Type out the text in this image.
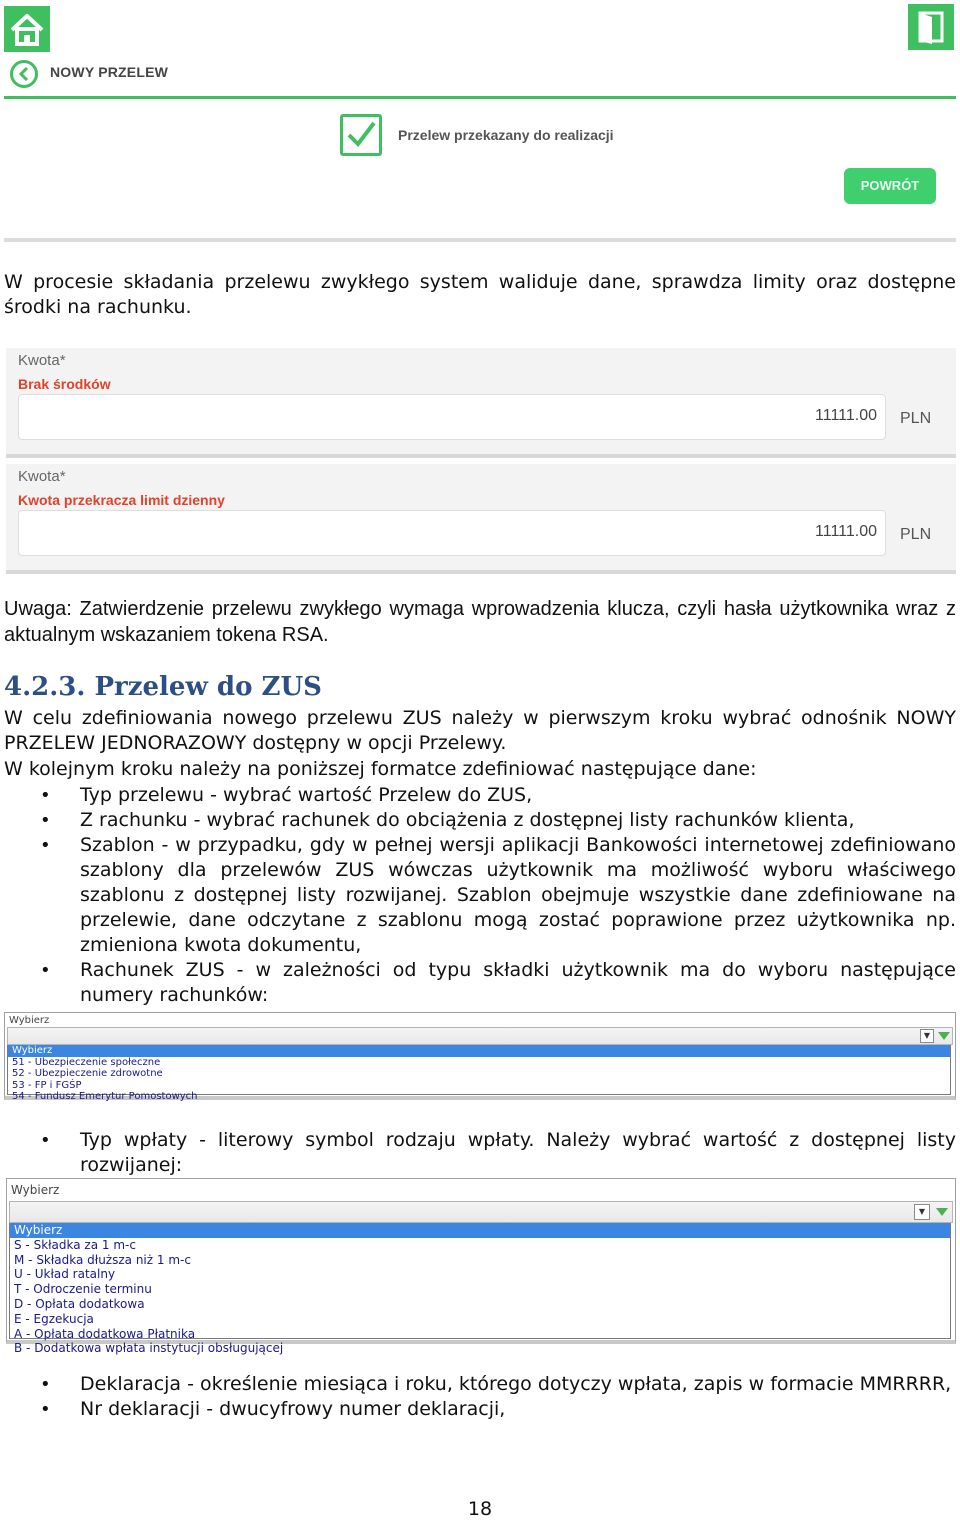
NOWY PRZELEW
Przelew przekazany do realizacji
POWRÓT

W procesie składania przelewu zwykłego system waliduje dane, sprawdza limity oraz dostępne środki na rachunku.

Kwota*
Brak środków
11111.00 PLN
Kwota*
Kwota przekracza limit dzienny
11111.00 PLN

Uwaga: Zatwierdzenie przelewu zwykłego wymaga wprowadzenia klucza, czyli hasła użytkownika wraz z aktualnym wskazaniem tokena RSA.

4.2.3. Przelew do ZUS

W celu zdefiniowania nowego przelewu ZUS należy w pierwszym kroku wybrać odnośnik NOWY PRZELEW JEDNORAZOWY dostępny w opcji Przelewy.

W kolejnym kroku należy na poniższej formatce zdefiniować następujące dane:

• Typ przelewu - wybrać wartość Przelew do ZUS,
• Z rachunku - wybrać rachunek do obciążenia z dostępnej listy rachunków klienta,
• Szablon - w przypadku, gdy w pełnej wersji aplikacji Bankowości internetowej zdefiniowano szablony dla przelewów ZUS wówczas użytkownik ma możliwość wyboru właściwego szablonu z dostępnej listy rozwijanej. Szablon obejmuje wszystkie dane zdefiniowane na przelewie, dane odczytane z szablonu mogą zostać poprawione przez użytkownika np. zmieniona kwota dokumentu,
• Rachunek ZUS - w zależności od typu składki użytkownik ma do wyboru następujące numery rachunków:
Wybierz
▼
Wybierz
51 - Ubezpieczenie społeczne
52 - Ubezpieczenie zdrowotne
53 - FP i FGŚP
54 - Fundusz Emerytur Pomostowych
• Typ wpłaty - literowy symbol rodzaju wpłaty. Należy wybrać wartość z dostępnej listy rozwijanej:
Wybierz
▼
Wybierz
S - Składka za 1 m-c
M - Składka dłuższa niż 1 m-c
U - Układ ratalny
T - Odroczenie terminu
D - Opłata dodatkowa
E - Egzekucja
A - Opłata dodatkowa Płatnika
B - Dodatkowa wpłata instytucji obsługującej
• Deklaracja - określenie miesiąca i roku, którego dotyczy wpłata, zapis w formacie MMRRRR,
• Nr deklaracji - dwucyfrowy numer deklaracji,
18
